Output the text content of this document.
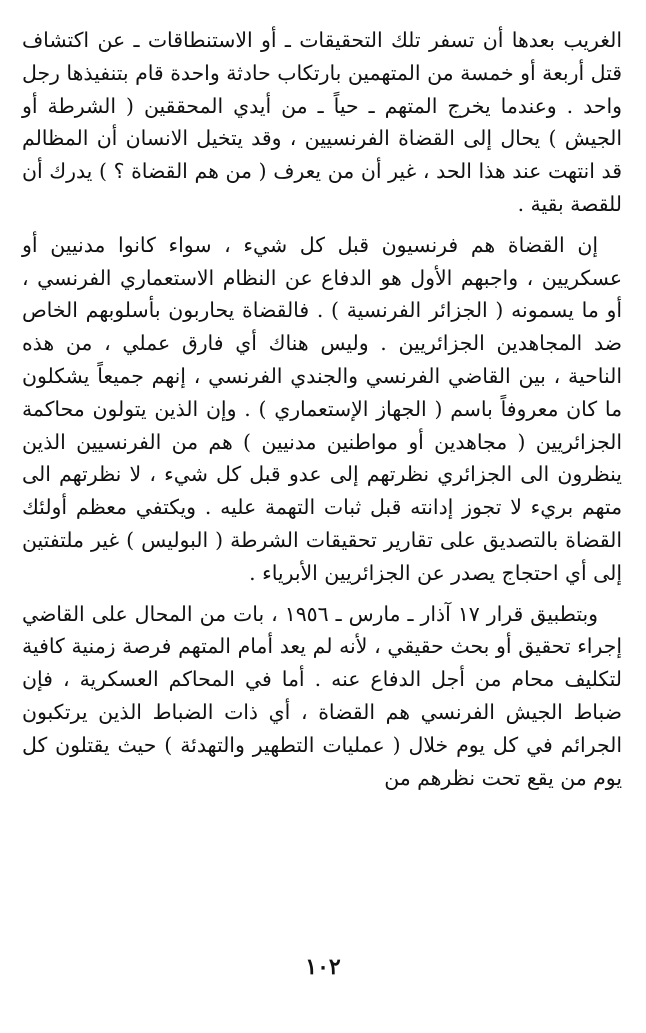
الغريب بعدها أن تسفر تلك التحقيقات ـ أو الاستنطاقات ـ عن اكتشاف قتل أربعة أو خمسة من المتهمين بارتكاب حادثة واحدة قام بتنفيذها رجل واحد . وعندما يخرج المتهم ـ حياً ـ من أيدي المحققين ( الشرطة أو الجيش ) يحال إلى القضاة الفرنسيين ، وقد يتخيل الانسان أن المظالم قد انتهت عند هذا الحد ، غير أن من يعرف ( من هم القضاة ؟ ) يدرك أن للقصة بقية .

إن القضاة هم فرنسيون قبل كل شيء ، سواء كانوا مدنيين أو عسكريين ، واجبهم الأول هو الدفاع عن النظام الاستعماري الفرنسي ، أو ما يسمونه ( الجزائر الفرنسية ) . فالقضاة يحاربون بأسلوبهم الخاص ضد المجاهدين الجزائريين . وليس هناك أي فارق عملي ، من هذه الناحية ، بين القاضي الفرنسي والجندي الفرنسي ، إنهم جميعاً يشكلون ما كان معروفاً باسم ( الجهاز الإستعماري ) . وإن الذين يتولون محاكمة الجزائريين ( مجاهدين أو مواطنين مدنيين ) هم من الفرنسيين الذين ينظرون الى الجزائري نظرتهم إلى عدو قبل كل شيء ، لا نظرتهم الى متهم بريء لا تجوز إدانته قبل ثبات التهمة عليه . ويكتفي معظم أولئك القضاة بالتصديق على تقارير تحقيقات الشرطة ( البوليس ) غير ملتفتين إلى أي احتجاج يصدر عن الجزائريين الأبرياء .

وبتطبيق قرار ١٧ آذار ـ مارس ـ ١٩٥٦ ، بات من المحال على القاضي إجراء تحقيق أو بحث حقيقي ، لأنه لم يعد أمام المتهم فرصة زمنية كافية لتكليف محام من أجل الدفاع عنه . أما في المحاكم العسكرية ، فإن ضباط الجيش الفرنسي هم القضاة ، أي ذات الضباط الذين يرتكبون الجرائم في كل يوم خلال ( عمليات التطهير والتهدئة ) حيث يقتلون كل يوم من يقع تحت نظرهم من

١٠٢
